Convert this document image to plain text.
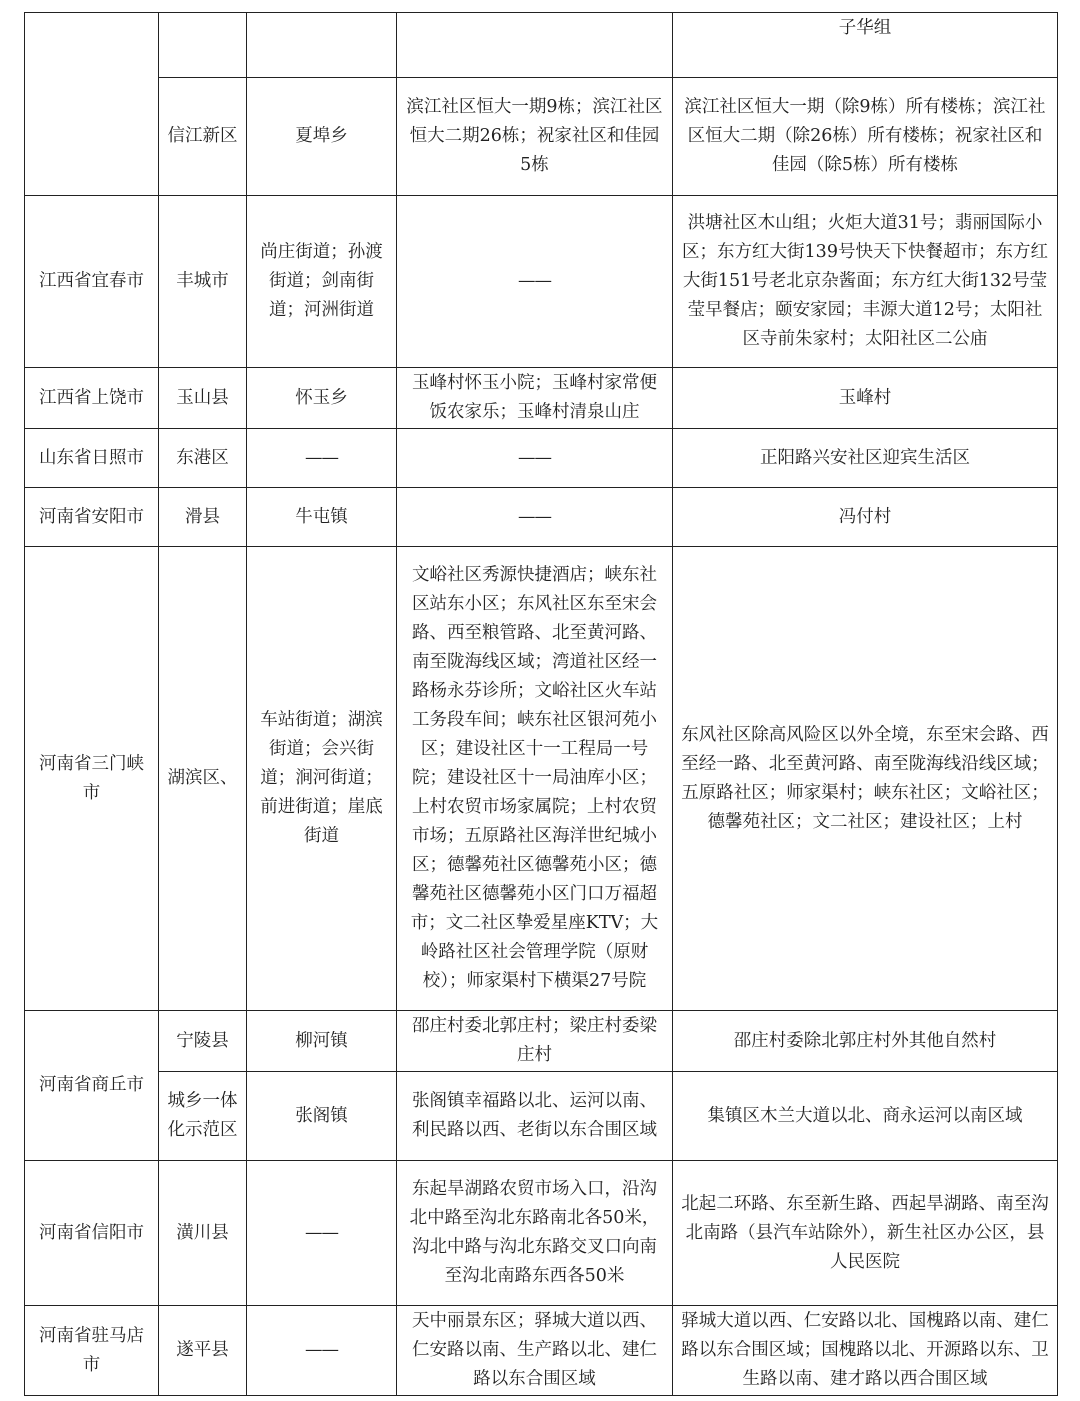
				子华组
	信江新区	夏埠乡	滨江社区恒大一期9栋；滨江社区恒大二期26栋；祝家社区和佳园5栋	滨江社区恒大一期（除9栋）所有楼栋；滨江社区恒大二期（除26栋）所有楼栋；祝家社区和佳园（除5栋）所有楼栋
江西省宜春市	丰城市	尚庄街道；孙渡街道；剑南街道；河洲街道	——	洪塘社区木山组；火炬大道31号；翡丽国际小区；东方红大街139号快天下快餐超市；东方红大街151号老北京杂酱面；东方红大街132号莹莹早餐店；颐安家园；丰源大道12号；太阳社区寺前朱家村；太阳社区二公庙
江西省上饶市	玉山县	怀玉乡	玉峰村怀玉小院；玉峰村家常便饭农家乐；玉峰村清泉山庄	玉峰村
山东省日照市	东港区	——	——	正阳路兴安社区迎宾生活区
河南省安阳市	滑县	牛屯镇	——	冯付村
河南省三门峡市	湖滨区、	车站街道；湖滨街道；会兴街道；涧河街道；前进街道；崖底街道	文峪社区秀源快捷酒店；峡东社区站东小区；东风社区东至宋会路、西至粮管路、北至黄河路、南至陇海线区域；湾道社区经一路杨永芬诊所；文峪社区火车站工务段车间；峡东社区银河苑小区；建设社区十一工程局一号院；建设社区十一局油库小区；上村农贸市场家属院；上村农贸市场；五原路社区海洋世纪城小区；德馨苑社区德馨苑小区；德馨苑社区德馨苑小区门口万福超市；文二社区挚爱星座KTV；大岭路社区社会管理学院（原财校）；师家渠村下横渠27号院	东风社区除高风险区以外全境，东至宋会路、西至经一路、北至黄河路、南至陇海线沿线区域；五原路社区；师家渠村；峡东社区；文峪社区；德馨苑社区；文二社区；建设社区；上村
河南省商丘市	宁陵县	柳河镇	邵庄村委北郭庄村；梁庄村委梁庄村	邵庄村委除北郭庄村外其他自然村
	城乡一体化示范区	张阁镇	张阁镇幸福路以北、运河以南、利民路以西、老街以东合围区域	集镇区木兰大道以北、商永运河以南区域
河南省信阳市	潢川县	——	东起旱湖路农贸市场入口，沿沟北中路至沟北东路南北各50米，沟北中路与沟北东路交叉口向南至沟北南路东西各50米	北起二环路、东至新生路、西起旱湖路、南至沟北南路（县汽车站除外），新生社区办公区，县人民医院
河南省驻马店市	遂平县	——	天中丽景东区；驿城大道以西、仁安路以南、生产路以北、建仁路以东合围区域	驿城大道以西、仁安路以北、国槐路以南、建仁路以东合围区域；国槐路以北、开源路以东、卫生路以南、建才路以西合围区域
